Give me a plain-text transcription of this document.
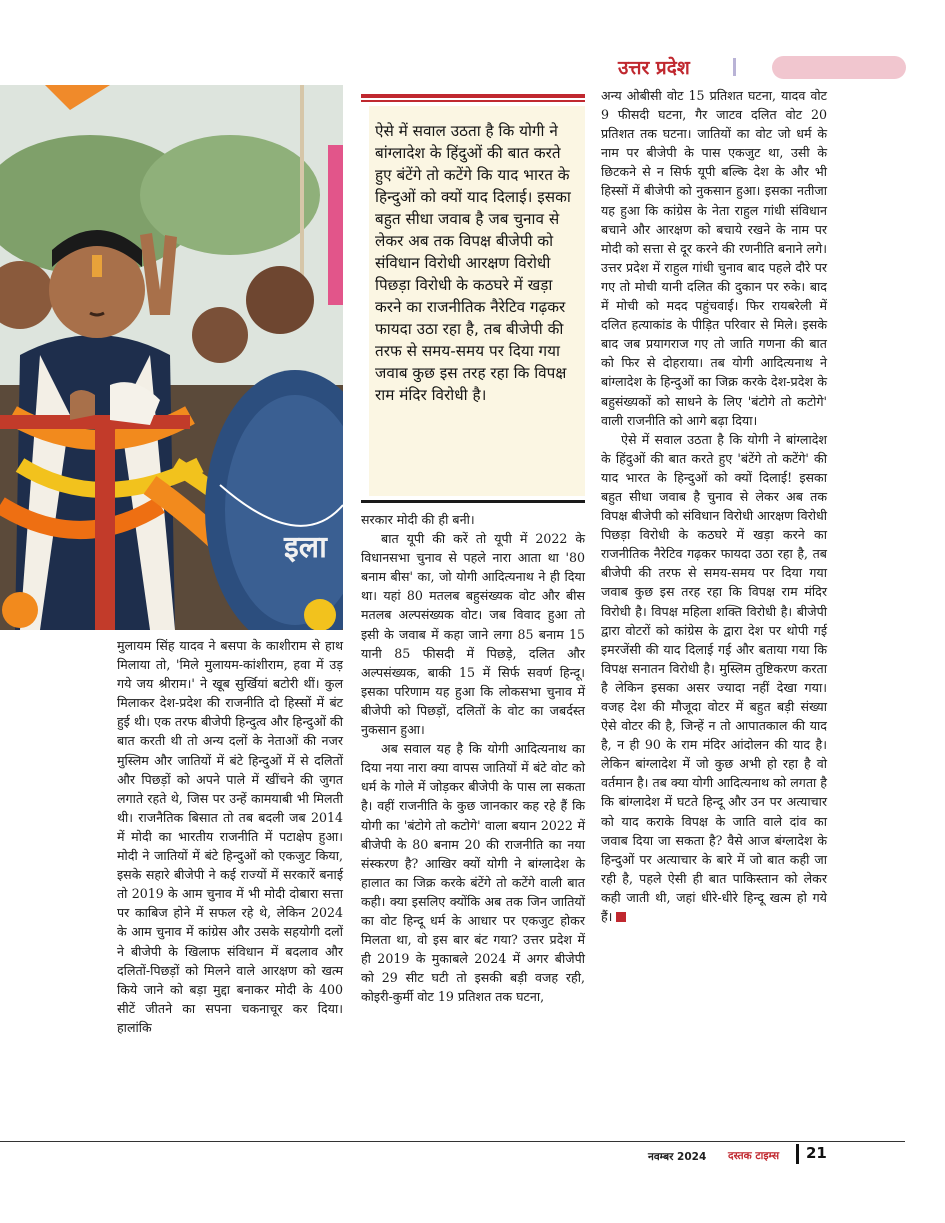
उत्तर प्रदेश
इला
ऐसे में सवाल उठता है कि योगी ने बांग्लादेश के हिंदुओं की बात करते हुए बंटेंगे तो कटेंगे कि याद भारत के हिन्दुओं को क्यों याद दिलाई। इसका बहुत सीधा जवाब है जब चुनाव से लेकर अब तक विपक्ष बीजेपी को संविधान विरोधी आरक्षण विरोधी पिछड़ा विरोधी के कठघरे में खड़ा करने का राजनीतिक नैरेटिव गढ़कर फायदा उठा रहा है, तब बीजेपी की तरफ से समय-समय पर दिया गया जवाब कुछ इस तरह रहा कि विपक्ष राम मंदिर विरोधी है।

मुलायम सिंह यादव ने बसपा के काशीराम से हाथ मिलाया तो, 'मिले मुलायम-कांशीराम, हवा में उड़ गये जय श्रीराम।' ने खूब सुर्खियां बटोरी थीं। कुल मिलाकर देश-प्रदेश की राजनीति दो हिस्सों में बंट हुई थी। एक तरफ बीजेपी हिन्दुत्व और हिन्दुओं की बात करती थी तो अन्य दलों के नेताओं की नजर मुस्लिम और जातियों में बंटे हिन्दुओं में से दलितों और पिछड़ों को अपने पाले में खींचने की जुगत लगाते रहते थे, जिस पर उन्हें कामयाबी भी मिलती थी। राजनैतिक बिसात तो तब बदली जब 2014 में मोदी का भारतीय राजनीति में पटाक्षेप हुआ। मोदी ने जातियों में बंटे हिन्दुओं को एकजुट किया, इसके सहारे बीजेपी ने कई राज्यों में सरकारें बनाई तो 2019 के आम चुनाव में भी मोदी दोबारा सत्ता पर काबिज होने में सफल रहे थे, लेकिन 2024 के आम चुनाव में कांग्रेस और उसके सहयोगी दलों ने बीजेपी के खिलाफ संविधान में बदलाव और दलितों-पिछड़ों को मिलने वाले आरक्षण को खत्म किये जाने को बड़ा मुद्दा बनाकर मोदी के 400 सीटें जीतने का सपना चकनाचूर कर दिया। हालांकि

सरकार मोदी की ही बनी।

बात यूपी की करें तो यूपी में 2022 के विधानसभा चुनाव से पहले नारा आता था '80 बनाम बीस' का, जो योगी आदित्यनाथ ने ही दिया था। यहां 80 मतलब बहुसंख्यक वोट और बीस मतलब अल्पसंख्यक वोट। जब विवाद हुआ तो इसी के जवाब में कहा जाने लगा 85 बनाम 15 यानी 85 फीसदी में पिछड़े, दलित और अल्पसंख्यक, बाकी 15 में सिर्फ सवर्ण हिन्दू। इसका परिणाम यह हुआ कि लोकसभा चुनाव में बीजेपी को पिछड़ों, दलितों के वोट का जबर्दस्त नुकसान हुआ।

अब सवाल यह है कि योगी आदित्यनाथ का दिया नया नारा क्या वापस जातियों में बंटे वोट को धर्म के गोले में जोड़कर बीजेपी के पास ला सकता है। वहीं राजनीति के कुछ जानकार कह रहे हैं कि योगी का 'बंटोगे तो कटोगे' वाला बयान 2022 में बीजेपी के 80 बनाम 20 की राजनीति का नया संस्करण है? आखिर क्यों योगी ने बांग्लादेश के हालात का जिक्र करके बंटेंगे तो कटेंगे वाली बात कही। क्या इसलिए क्योंकि अब तक जिन जातियों का वोट हिन्दू धर्म के आधार पर एकजुट होकर मिलता था, वो इस बार बंट गया? उत्तर प्रदेश में ही 2019 के मुकाबले 2024 में अगर बीजेपी को 29 सीट घटी तो इसकी बड़ी वजह रही, कोइरी-कुर्मी वोट 19 प्रतिशत तक घटना,

अन्य ओबीसी वोट 15 प्रतिशत घटना, यादव वोट 9 फीसदी घटना, गैर जाटव दलित वोट 20 प्रतिशत तक घटना। जातियों का वोट जो धर्म के नाम पर बीजेपी के पास एकजुट था, उसी के छिटकने से न सिर्फ यूपी बल्कि देश के और भी हिस्सों में बीजेपी को नुकसान हुआ। इसका नतीजा यह हुआ कि कांग्रेस के नेता राहुल गांधी संविधान बचाने और आरक्षण को बचाये रखने के नाम पर मोदी को सत्ता से दूर करने की रणनीति बनाने लगे। उत्तर प्रदेश में राहुल गांधी चुनाव बाद पहले दौरे पर गए तो मोची यानी दलित की दुकान पर रुके। बाद में मोची को मदद पहुंचवाई। फिर रायबरेली में दलित हत्याकांड के पीड़ित परिवार से मिले। इसके बाद जब प्रयागराज गए तो जाति गणना की बात को फिर से दोहराया। तब योगी आदित्यनाथ ने बांग्लादेश के हिन्दुओं का जिक्र करके देश-प्रदेश के बहुसंख्यकों को साधने के लिए 'बंटोगे तो कटोगे' वाली राजनीति को आगे बढ़ा दिया।

ऐसे में सवाल उठता है कि योगी ने बांग्लादेश के हिंदुओं की बात करते हुए 'बंटेंगे तो कटेंगे' की याद भारत के हिन्दुओं को क्यों दिलाई! इसका बहुत सीधा जवाब है चुनाव से लेकर अब तक विपक्ष बीजेपी को संविधान विरोधी आरक्षण विरोधी पिछड़ा विरोधी के कठघरे में खड़ा करने का राजनीतिक नैरेटिव गढ़कर फायदा उठा रहा है, तब बीजेपी की तरफ से समय-समय पर दिया गया जवाब कुछ इस तरह रहा कि विपक्ष राम मंदिर विरोधी है। विपक्ष महिला शक्ति विरोधी है। बीजेपी द्वारा वोटरों को कांग्रेस के द्वारा देश पर थोपी गई इमरजेंसी की याद दिलाई गई और बताया गया कि विपक्ष सनातन विरोधी है। मुस्लिम तुष्टिकरण करता है लेकिन इसका असर ज्यादा नहीं देखा गया। वजह देश की मौजूदा वोटर में बहुत बड़ी संख्या ऐसे वोटर की है, जिन्हें न तो आपातकाल की याद है, न ही 90 के राम मंदिर आंदोलन की याद है। लेकिन बांग्लादेश में जो कुछ अभी हो रहा है वो वर्तमान है। तब क्या योगी आदित्यनाथ को लगता है कि बांग्लादेश में घटते हिन्दू और उन पर अत्याचार को याद कराके विपक्ष के जाति वाले दांव का जवाब दिया जा सकता है? वैसे आज बंग्लादेश के हिन्दुओं पर अत्याचार के बारे में जो बात कही जा रही है, पहले ऐसी ही बात पाकिस्तान को लेकर कही जाती थी, जहां धीरे-धीरे हिन्दू खत्म हो गये हैं।

नवम्बर 2024 दस्तक टाइम्स 21
